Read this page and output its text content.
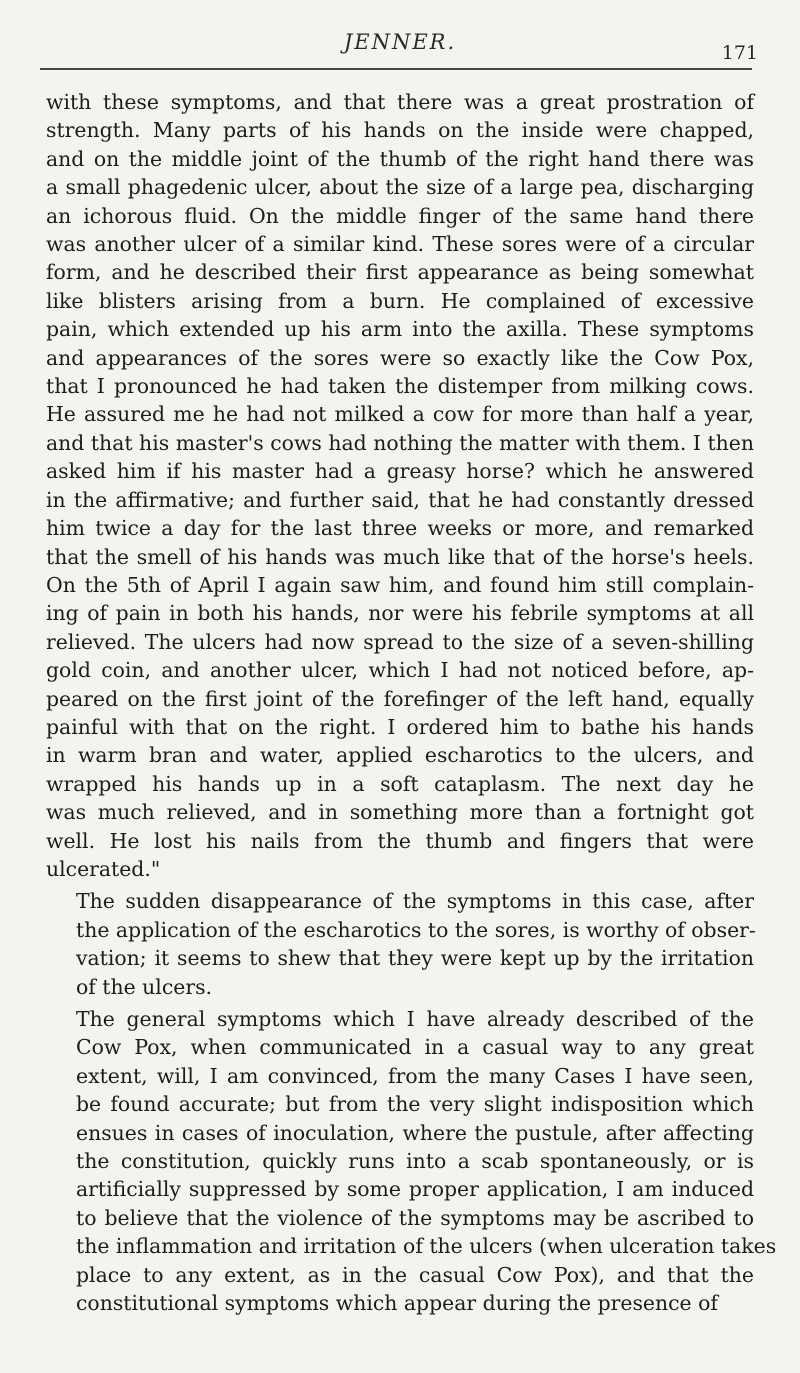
JENNER.	171
with these symptoms, and that there was a great prostration of
strength. Many parts of his hands on the inside were chapped,
and on the middle joint of the thumb of the right hand there was
a small phagedenic ulcer, about the size of a large pea, discharging
an ichorous fluid. On the middle finger of the same hand there
was another ulcer of a similar kind. These sores were of a circular
form, and he described their first appearance as being somewhat
like blisters arising from a burn. He complained of excessive
pain, which extended up his arm into the axilla. These symptoms
and appearances of the sores were so exactly like the Cow Pox,
that I pronounced he had taken the distemper from milking cows.
He assured me he had not milked a cow for more than half a year,
and that his master's cows had nothing the matter with them. I then
asked him if his master had a greasy horse? which he answered
in the affirmative; and further said, that he had constantly dressed
him twice a day for the last three weeks or more, and remarked
that the smell of his hands was much like that of the horse's heels.
On the 5th of April I again saw him, and found him still complain-
ing of pain in both his hands, nor were his febrile symptoms at all
relieved. The ulcers had now spread to the size of a seven-shilling
gold coin, and another ulcer, which I had not noticed before, ap-
peared on the first joint of the forefinger of the left hand, equally
painful with that on the right. I ordered him to bathe his hands
in warm bran and water, applied escharotics to the ulcers, and
wrapped his hands up in a soft cataplasm. The next day he
was much relieved, and in something more than a fortnight got
well. He lost his nails from the thumb and fingers that were
ulcerated."
The sudden disappearance of the symptoms in this case, after
the application of the escharotics to the sores, is worthy of obser-
vation; it seems to shew that they were kept up by the irritation
of the ulcers.
The general symptoms which I have already described of the
Cow Pox, when communicated in a casual way to any great
extent, will, I am convinced, from the many Cases I have seen,
be found accurate; but from the very slight indisposition which
ensues in cases of inoculation, where the pustule, after affecting
the constitution, quickly runs into a scab spontaneously, or is
artificially suppressed by some proper application, I am induced
to believe that the violence of the symptoms may be ascribed to
the inflammation and irritation of the ulcers (when ulceration takes
place to any extent, as in the casual Cow Pox), and that the
constitutional symptoms which appear during the presence of
